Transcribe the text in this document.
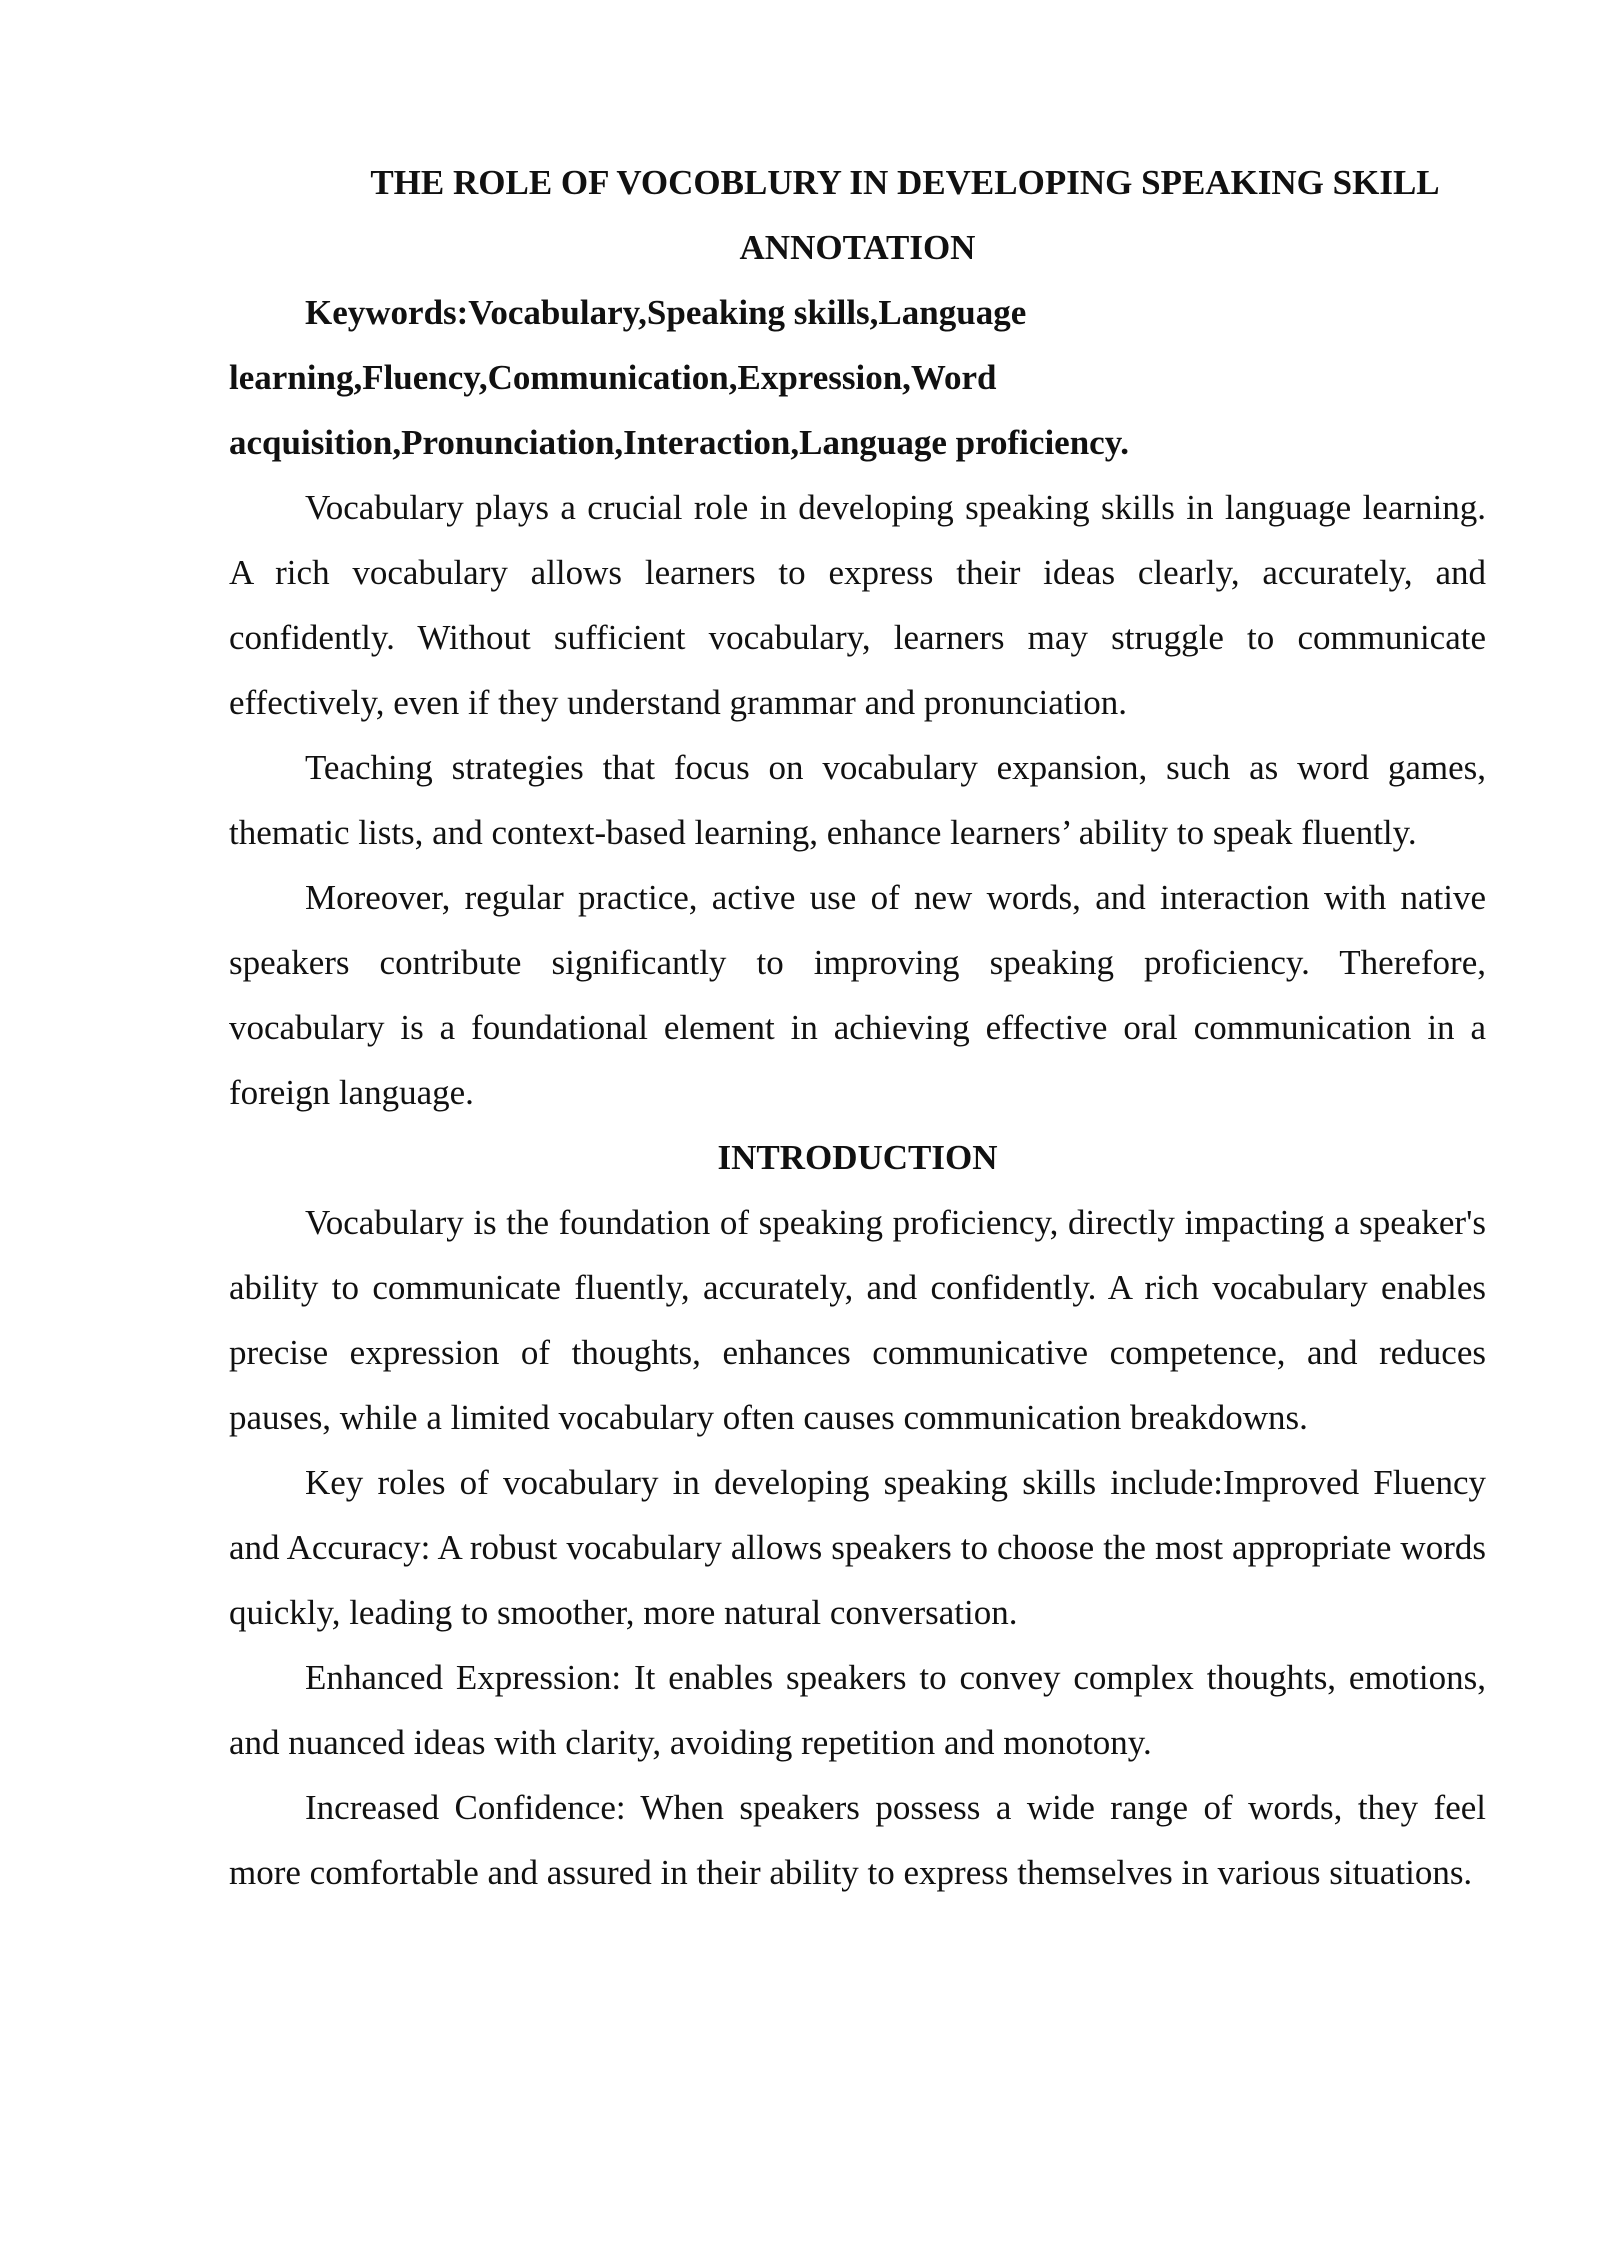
THE ROLE OF VOCOBLURY IN DEVELOPING SPEAKING SKILL
ANNOTATION

Keywords:Vocabulary,Speaking skills,Language
learning,Fluency,Communication,Expression,Word
acquisition,Pronunciation,Interaction,Language proficiency.

Vocabulary plays a crucial role in developing speaking skills in language learning. A rich vocabulary allows learners to express their ideas clearly, accurately, and confidently. Without sufficient vocabulary, learners may struggle to communicate effectively, even if they understand grammar and pronunciation.

Teaching strategies that focus on vocabulary expansion, such as word games, thematic lists, and context-based learning, enhance learners’ ability to speak fluently.

Moreover, regular practice, active use of new words, and interaction with native speakers contribute significantly to improving speaking proficiency. Therefore, vocabulary is a foundational element in achieving effective oral communication in a foreign language.

INTRODUCTION

Vocabulary is the foundation of speaking proficiency, directly impacting a speaker's ability to communicate fluently, accurately, and confidently. A rich vocabulary enables precise expression of thoughts, enhances communicative competence, and reduces pauses, while a limited vocabulary often causes communication breakdowns.

Key roles of vocabulary in developing speaking skills include:Improved Fluency and Accuracy: A robust vocabulary allows speakers to choose the most appropriate words quickly, leading to smoother, more natural conversation.

Enhanced Expression: It enables speakers to convey complex thoughts, emotions, and nuanced ideas with clarity, avoiding repetition and monotony.

Increased Confidence: When speakers possess a wide range of words, they feel more comfortable and assured in their ability to express themselves in various situations.
